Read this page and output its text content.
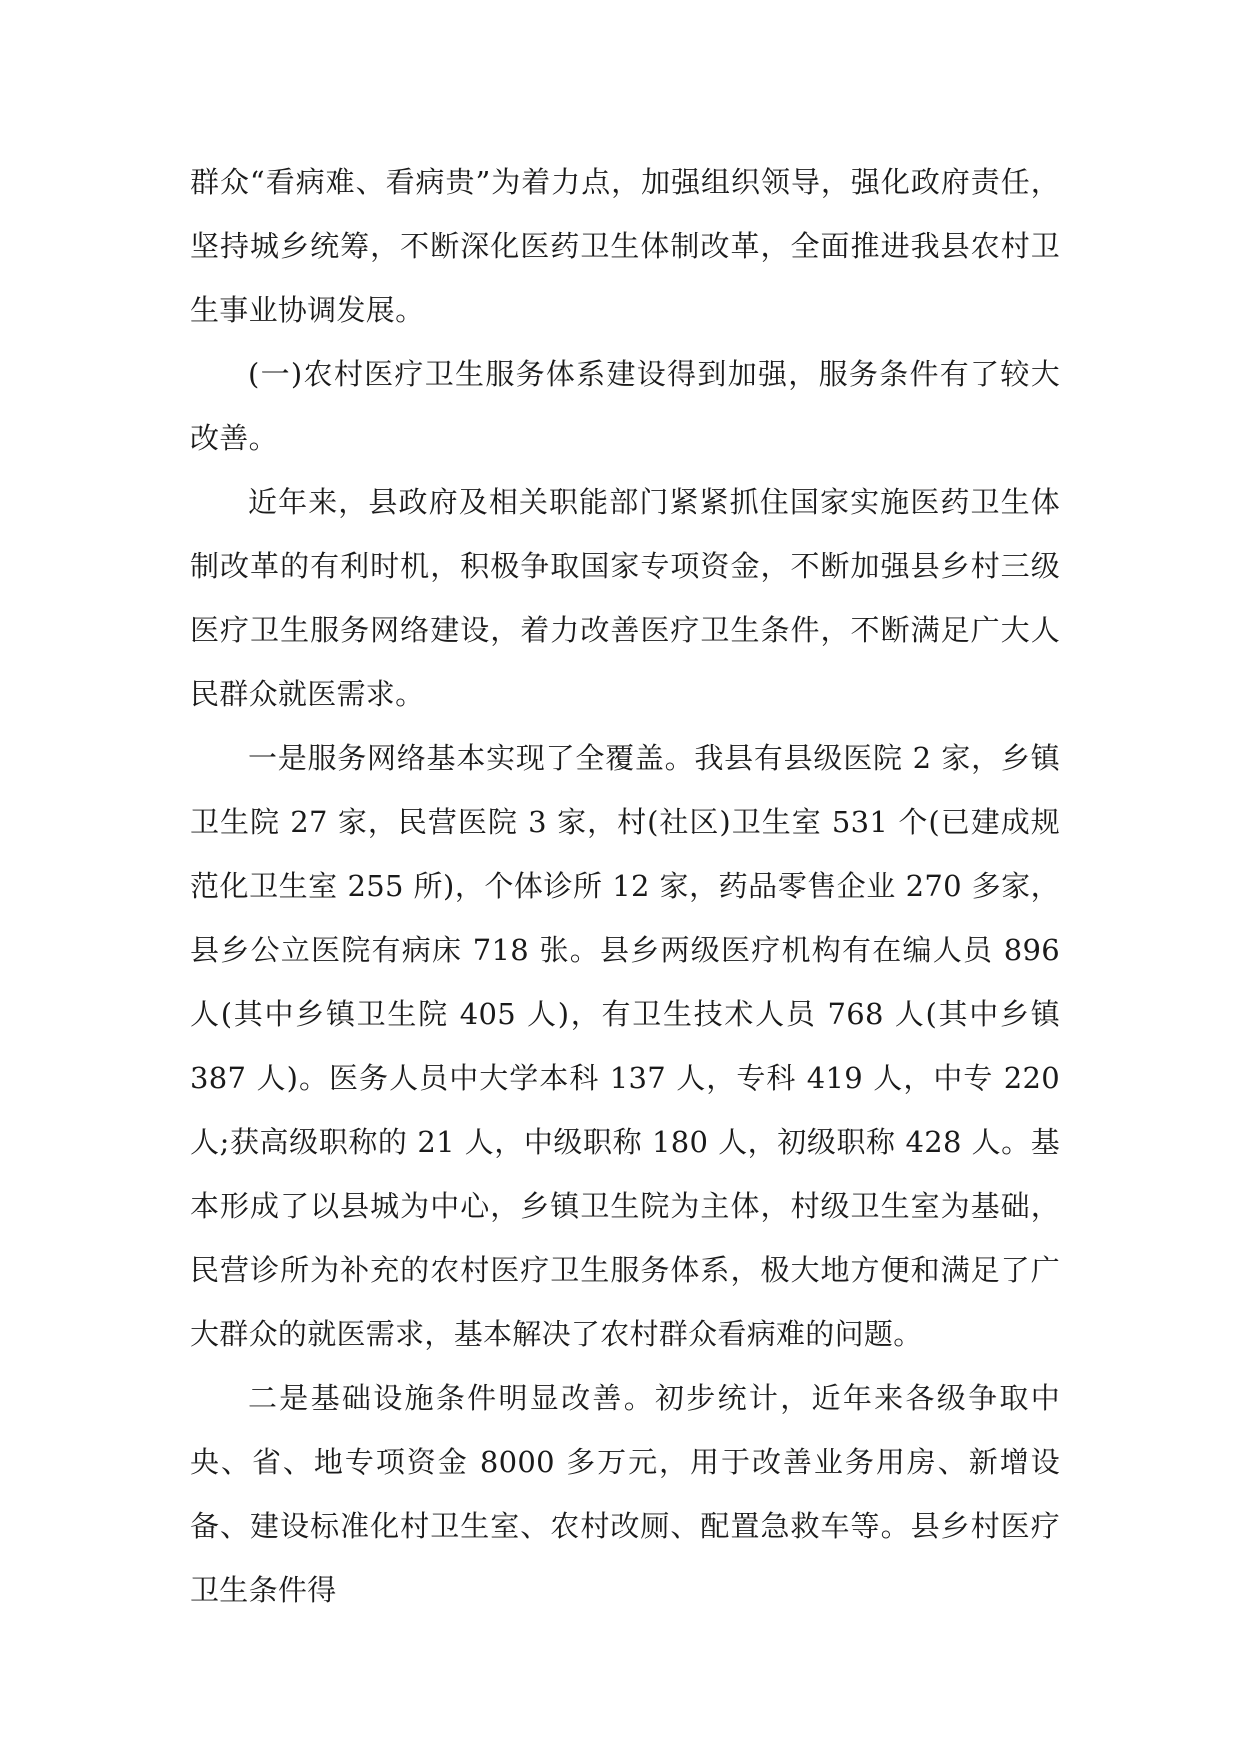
群众“看病难、看病贵”为着力点，加强组织领导，强化政府责任，坚持城乡统筹，不断深化医药卫生体制改革，全面推进我县农村卫生事业协调发展。

(一)农村医疗卫生服务体系建设得到加强，服务条件有了较大改善。

近年来，县政府及相关职能部门紧紧抓住国家实施医药卫生体制改革的有利时机，积极争取国家专项资金，不断加强县乡村三级医疗卫生服务网络建设，着力改善医疗卫生条件，不断满足广大人民群众就医需求。

一是服务网络基本实现了全覆盖。我县有县级医院 2 家，乡镇卫生院 27 家，民营医院 3 家，村(社区)卫生室 531 个(已建成规范化卫生室 255 所)，个体诊所 12 家，药品零售企业 270 多家，县乡公立医院有病床 718 张。县乡两级医疗机构有在编人员 896 人(其中乡镇卫生院 405 人)，有卫生技术人员 768 人(其中乡镇 387 人)。医务人员中大学本科 137 人，专科 419 人，中专 220 人;获高级职称的 21 人，中级职称 180 人，初级职称 428 人。基本形成了以县城为中心，乡镇卫生院为主体，村级卫生室为基础，民营诊所为补充的农村医疗卫生服务体系，极大地方便和满足了广大群众的就医需求，基本解决了农村群众看病难的问题。

二是基础设施条件明显改善。初步统计，近年来各级争取中央、省、地专项资金 8000 多万元，用于改善业务用房、新增设备、建设标准化村卫生室、农村改厕、配置急救车等。县乡村医疗卫生条件得
